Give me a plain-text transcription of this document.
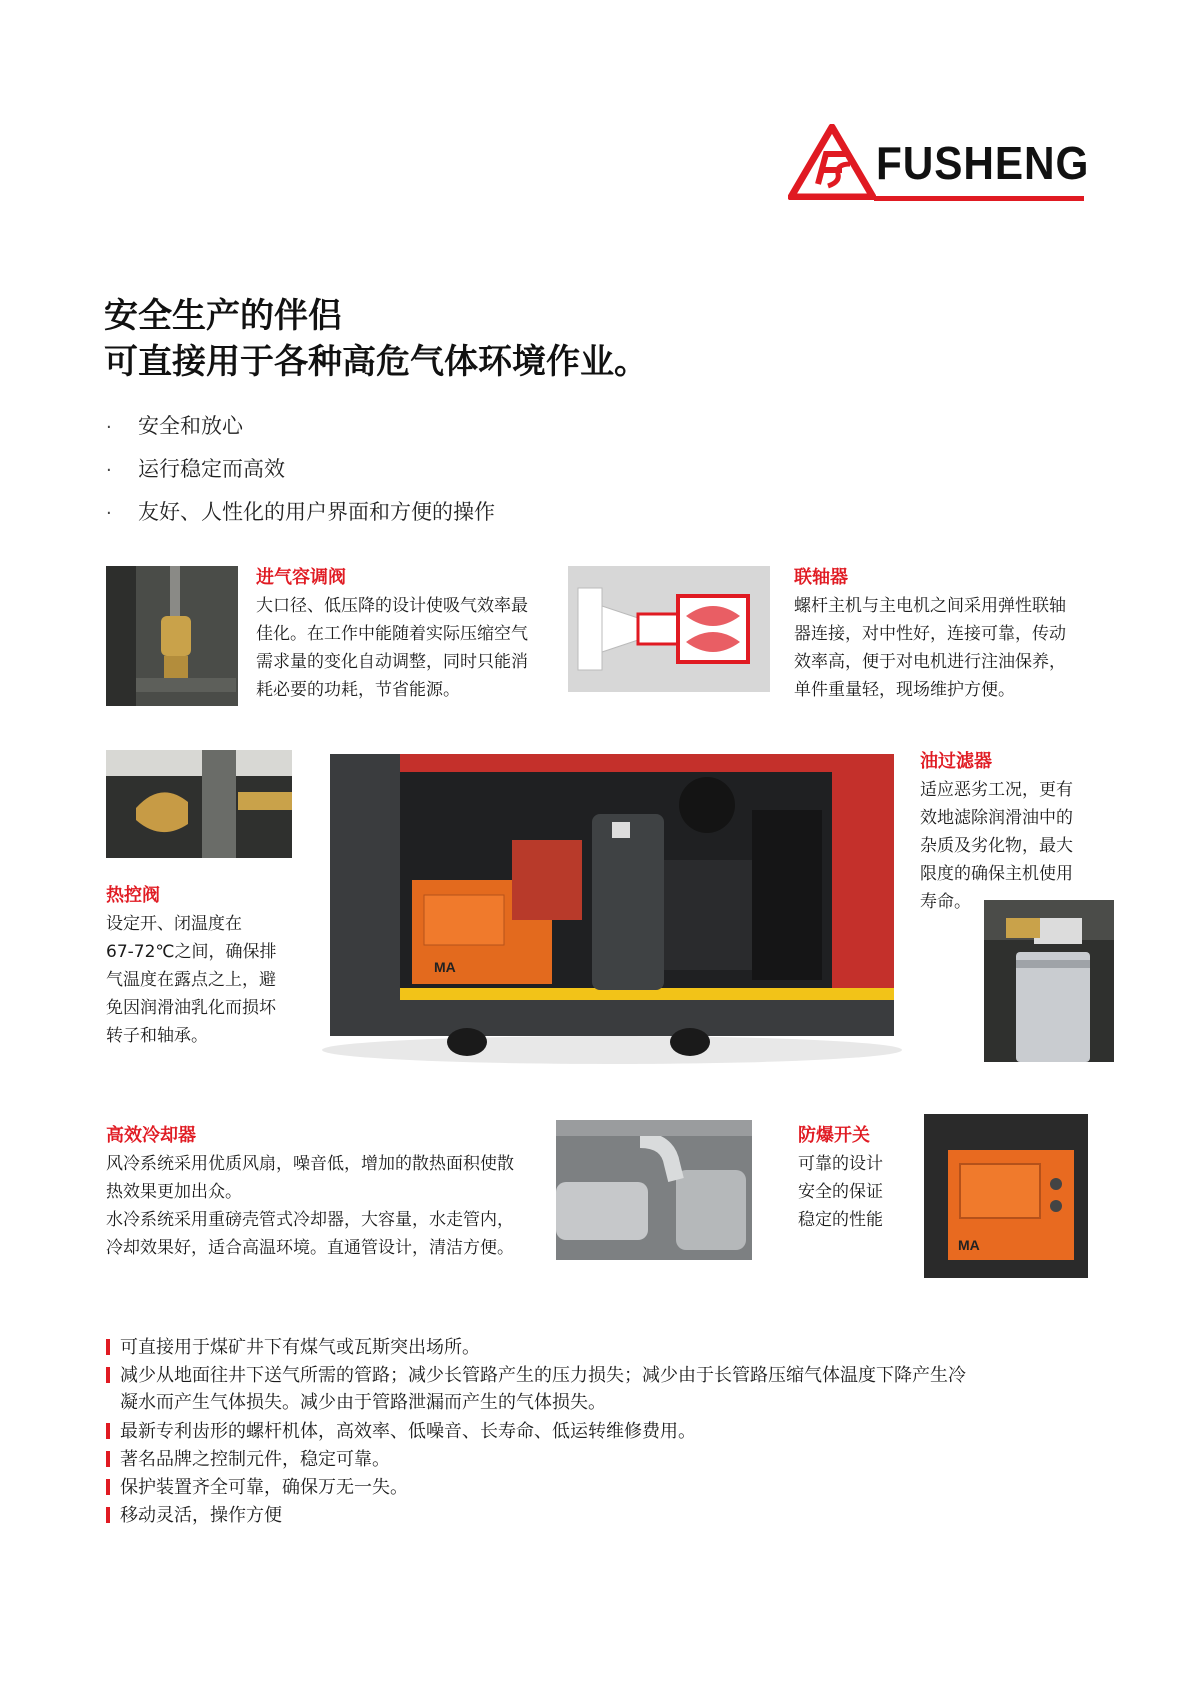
FUSHENG
安全生产的伴侣
可直接用于各种高危气体环境作业。
· 安全和放心
· 运行稳定而高效
· 友好、人性化的用户界面和方便的操作
进气容调阀
大口径、低压降的设计使吸气效率最
佳化。在工作中能随着实际压缩空气
需求量的变化自动调整，同时只能消
耗必要的功耗，节省能源。
联轴器
螺杆主机与主电机之间采用弹性联轴
器连接，对中性好，连接可靠，传动
效率高，便于对电机进行注油保养，
单件重量轻，现场维护方便。
热控阀
设定开、闭温度在
67-72℃之间，确保排
气温度在露点之上，避
免因润滑油乳化而损坏
转子和轴承。
MA
油过滤器
适应恶劣工况，更有
效地滤除润滑油中的
杂质及劣化物，最大
限度的确保主机使用
寿命。
高效冷却器
风冷系统采用优质风扇，噪音低，增加的散热面积使散
热效果更加出众。
水冷系统采用重磅壳管式冷却器，大容量，水走管内，
冷却效果好，适合高温环境。直通管设计，清洁方便。
防爆开关
可靠的设计
安全的保证
稳定的性能
MA
可直接用于煤矿井下有煤气或瓦斯突出场所。
减少从地面往井下送气所需的管路；减少长管路产生的压力损失；减少由于长管路压缩气体温度下降产生冷
凝水而产生气体损失。减少由于管路泄漏而产生的气体损失。
最新专利齿形的螺杆机体，高效率、低噪音、长寿命、低运转维修费用。
著名品牌之控制元件，稳定可靠。
保护装置齐全可靠，确保万无一失。
移动灵活，操作方便
